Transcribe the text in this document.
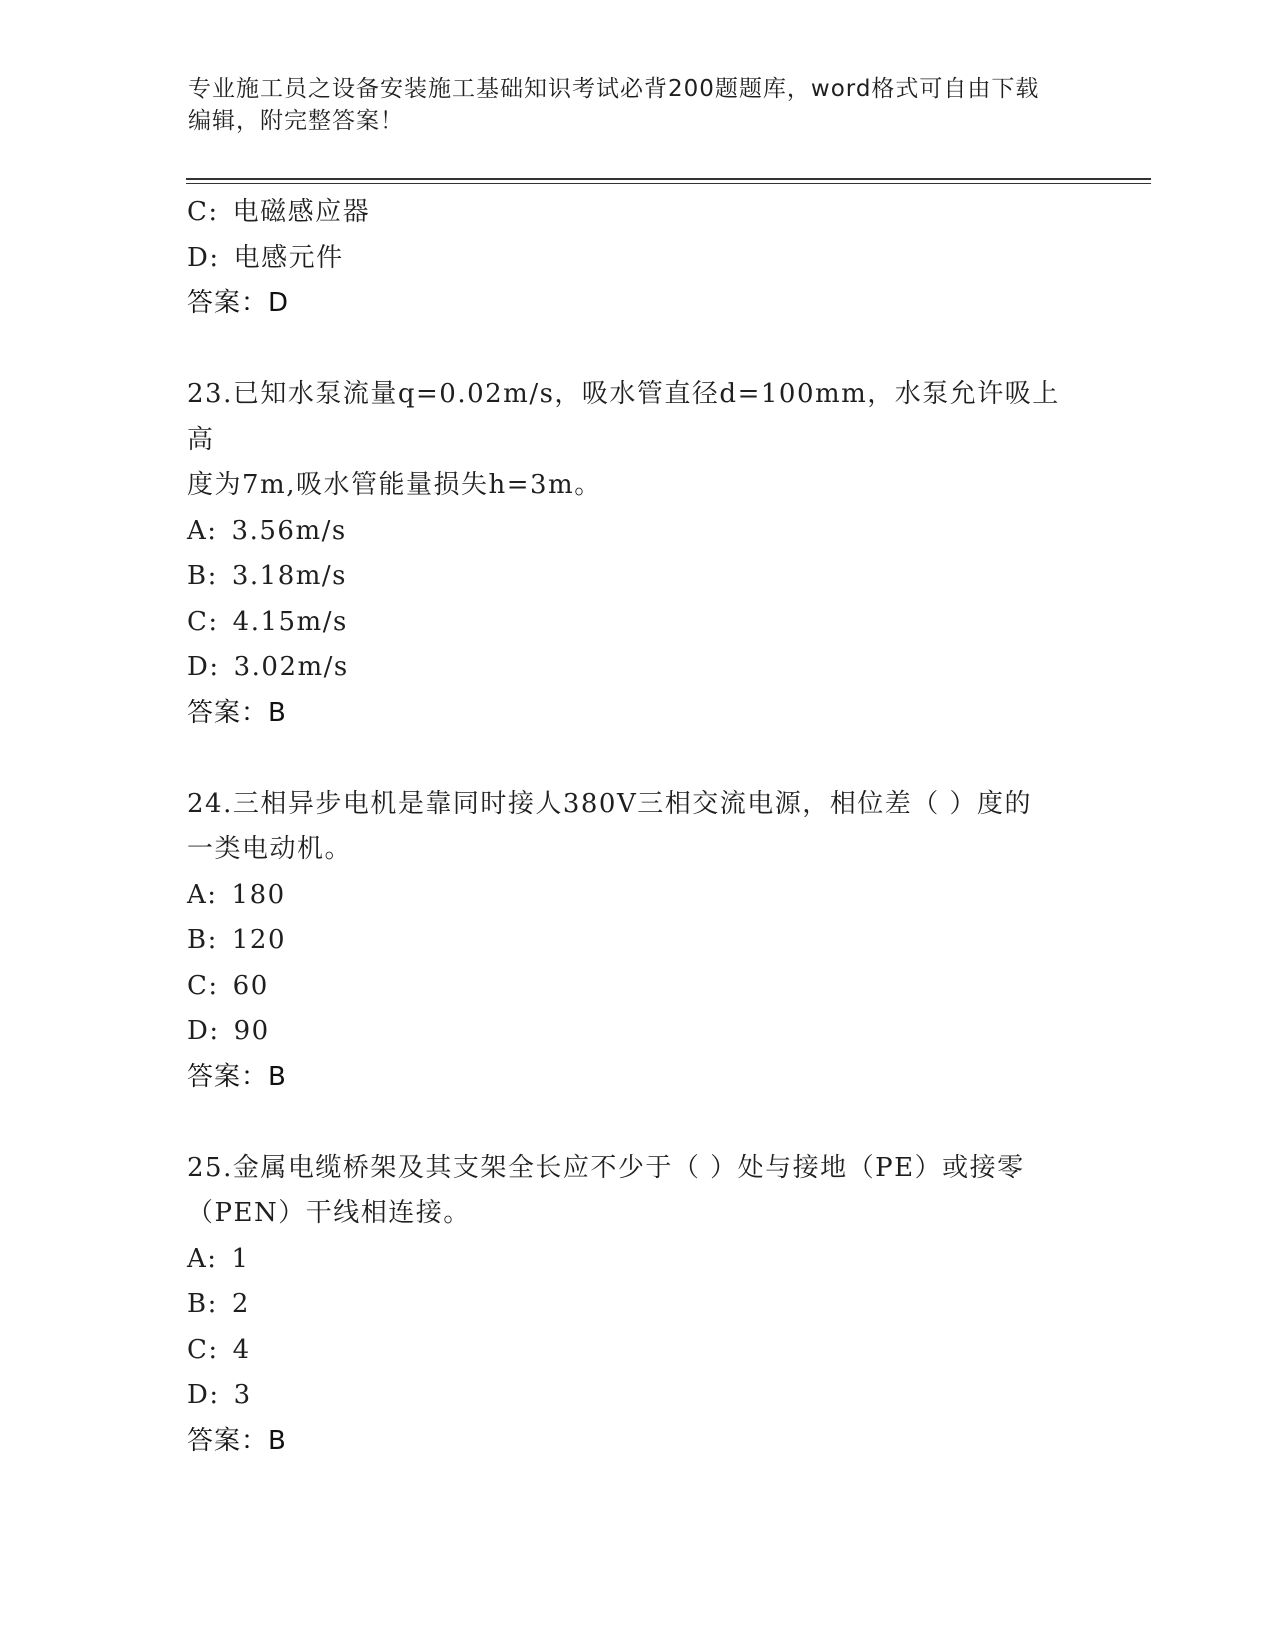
专业施工员之设备安装施工基础知识考试必背200题题库，word格式可自由下载
编辑，附完整答案！
C: 电磁感应器
D: 电感元件
答案：D
23.已知水泵流量q=0.02m/s，吸水管直径d=100mm，水泵允许吸上高
度为7m,吸水管能量损失h=3m。
A: 3.56m/s
B: 3.18m/s
C: 4.15m/s
D: 3.02m/s
答案：B
24.三相异步电机是靠同时接人380V三相交流电源，相位差（ ）度的
一类电动机。
A: 180
B: 120
C: 60
D: 90
答案：B
25.金属电缆桥架及其支架全长应不少于（ ）处与接地（PE）或接零
（PEN）干线相连接。
A: 1
B: 2
C: 4
D: 3
答案：B
